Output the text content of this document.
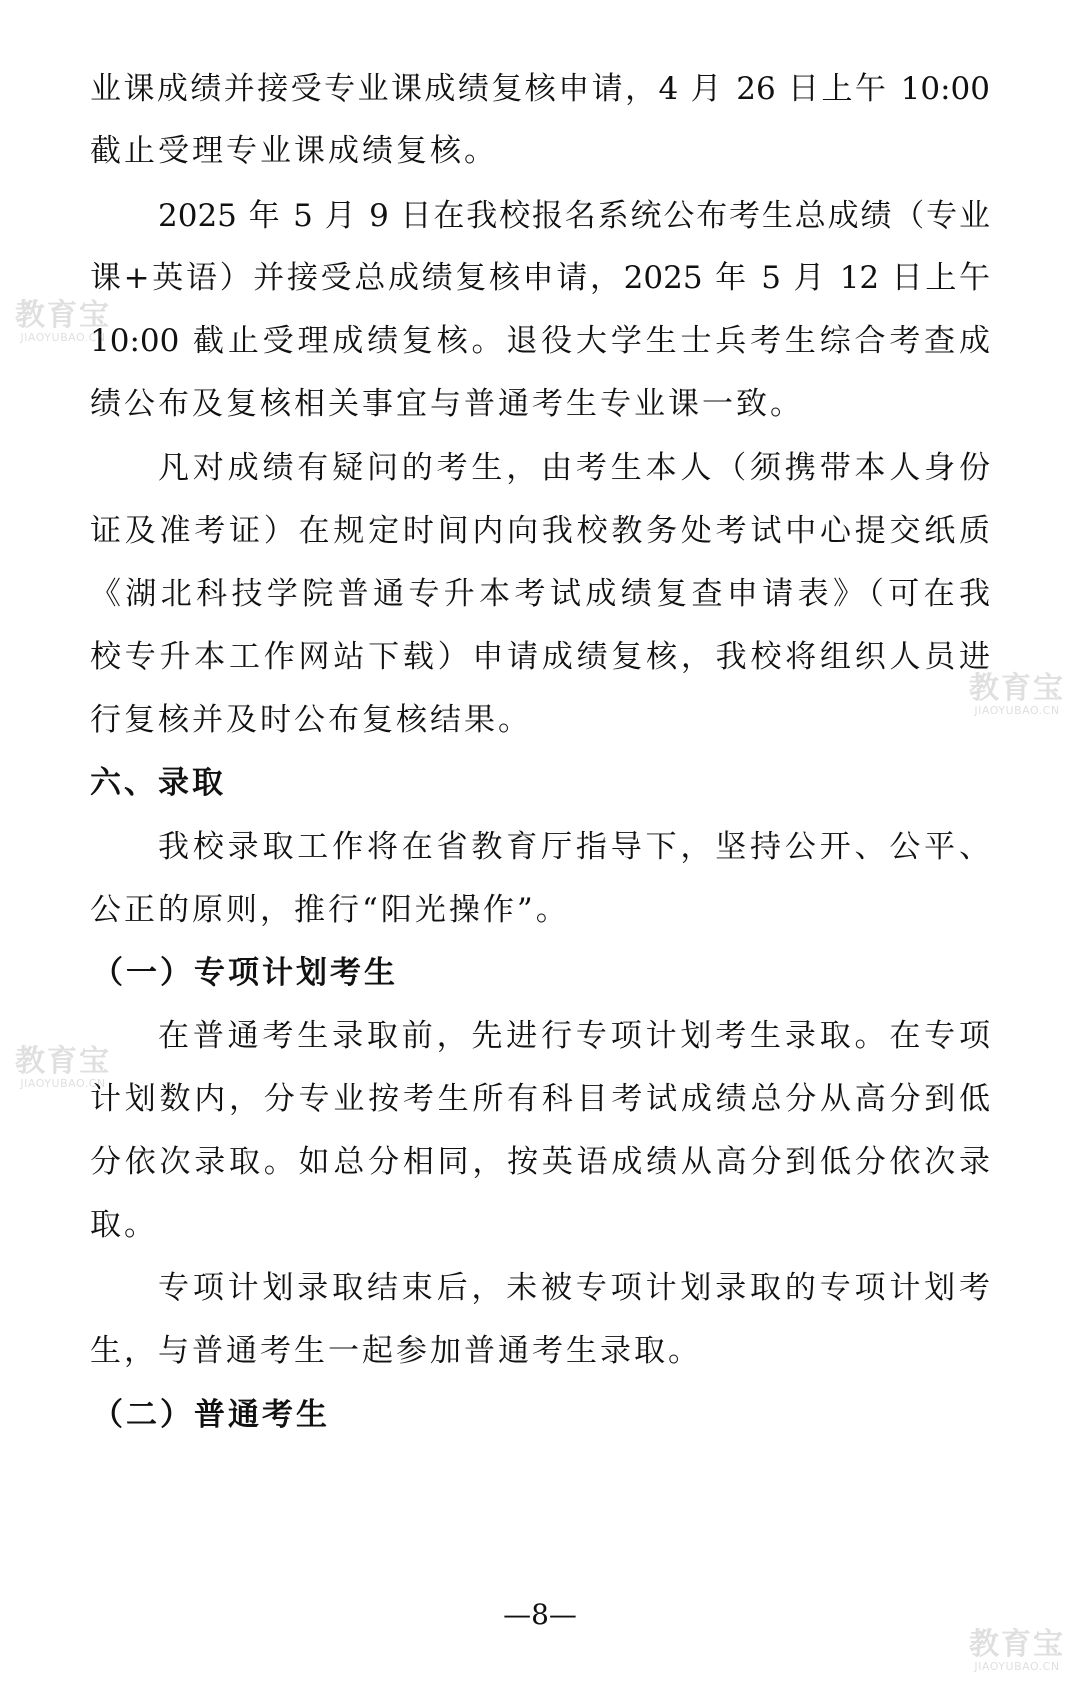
业课成绩并接受专业课成绩复核申请，4 月 26 日上午 10:00
截止受理专业课成绩复核。
2025 年 5 月 9 日在我校报名系统公布考生总成绩（专业
课+英语）并接受总成绩复核申请，2025 年 5 月 12 日上午
10:00 截止受理成绩复核。退役大学生士兵考生综合考查成
绩公布及复核相关事宜与普通考生专业课一致。
凡对成绩有疑问的考生，由考生本人（须携带本人身份
证及准考证）在规定时间内向我校教务处考试中心提交纸质
《湖北科技学院普通专升本考试成绩复查申请表》（可在我
校专升本工作网站下载）申请成绩复核，我校将组织人员进
行复核并及时公布复核结果。
六、录取
我校录取工作将在省教育厅指导下，坚持公开、公平、
公正的原则，推行“阳光操作”。
（一）专项计划考生
在普通考生录取前，先进行专项计划考生录取。在专项
计划数内，分专业按考生所有科目考试成绩总分从高分到低
分依次录取。如总分相同，按英语成绩从高分到低分依次录
取。
专项计划录取结束后，未被专项计划录取的专项计划考
生，与普通考生一起参加普通考生录取。
（二）普通考生
—8—
教育宝
JIAOYUBAO.CN
教育宝
JIAOYUBAO.CN
教育宝
JIAOYUBAO.CN
教育宝
JIAOYUBAO.CN
